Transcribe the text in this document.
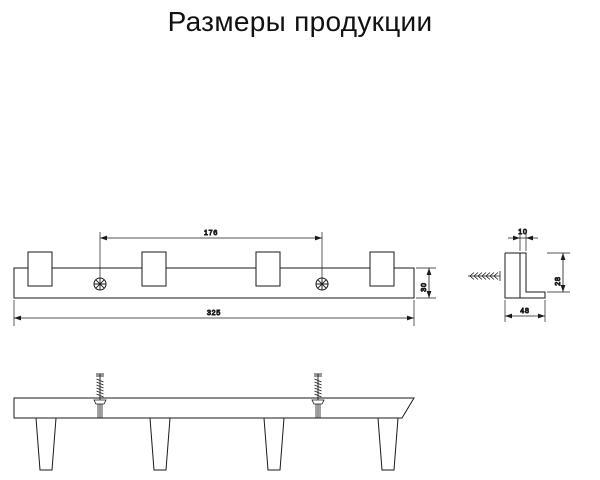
Размеры продукции
176
325
30
10
28
48
